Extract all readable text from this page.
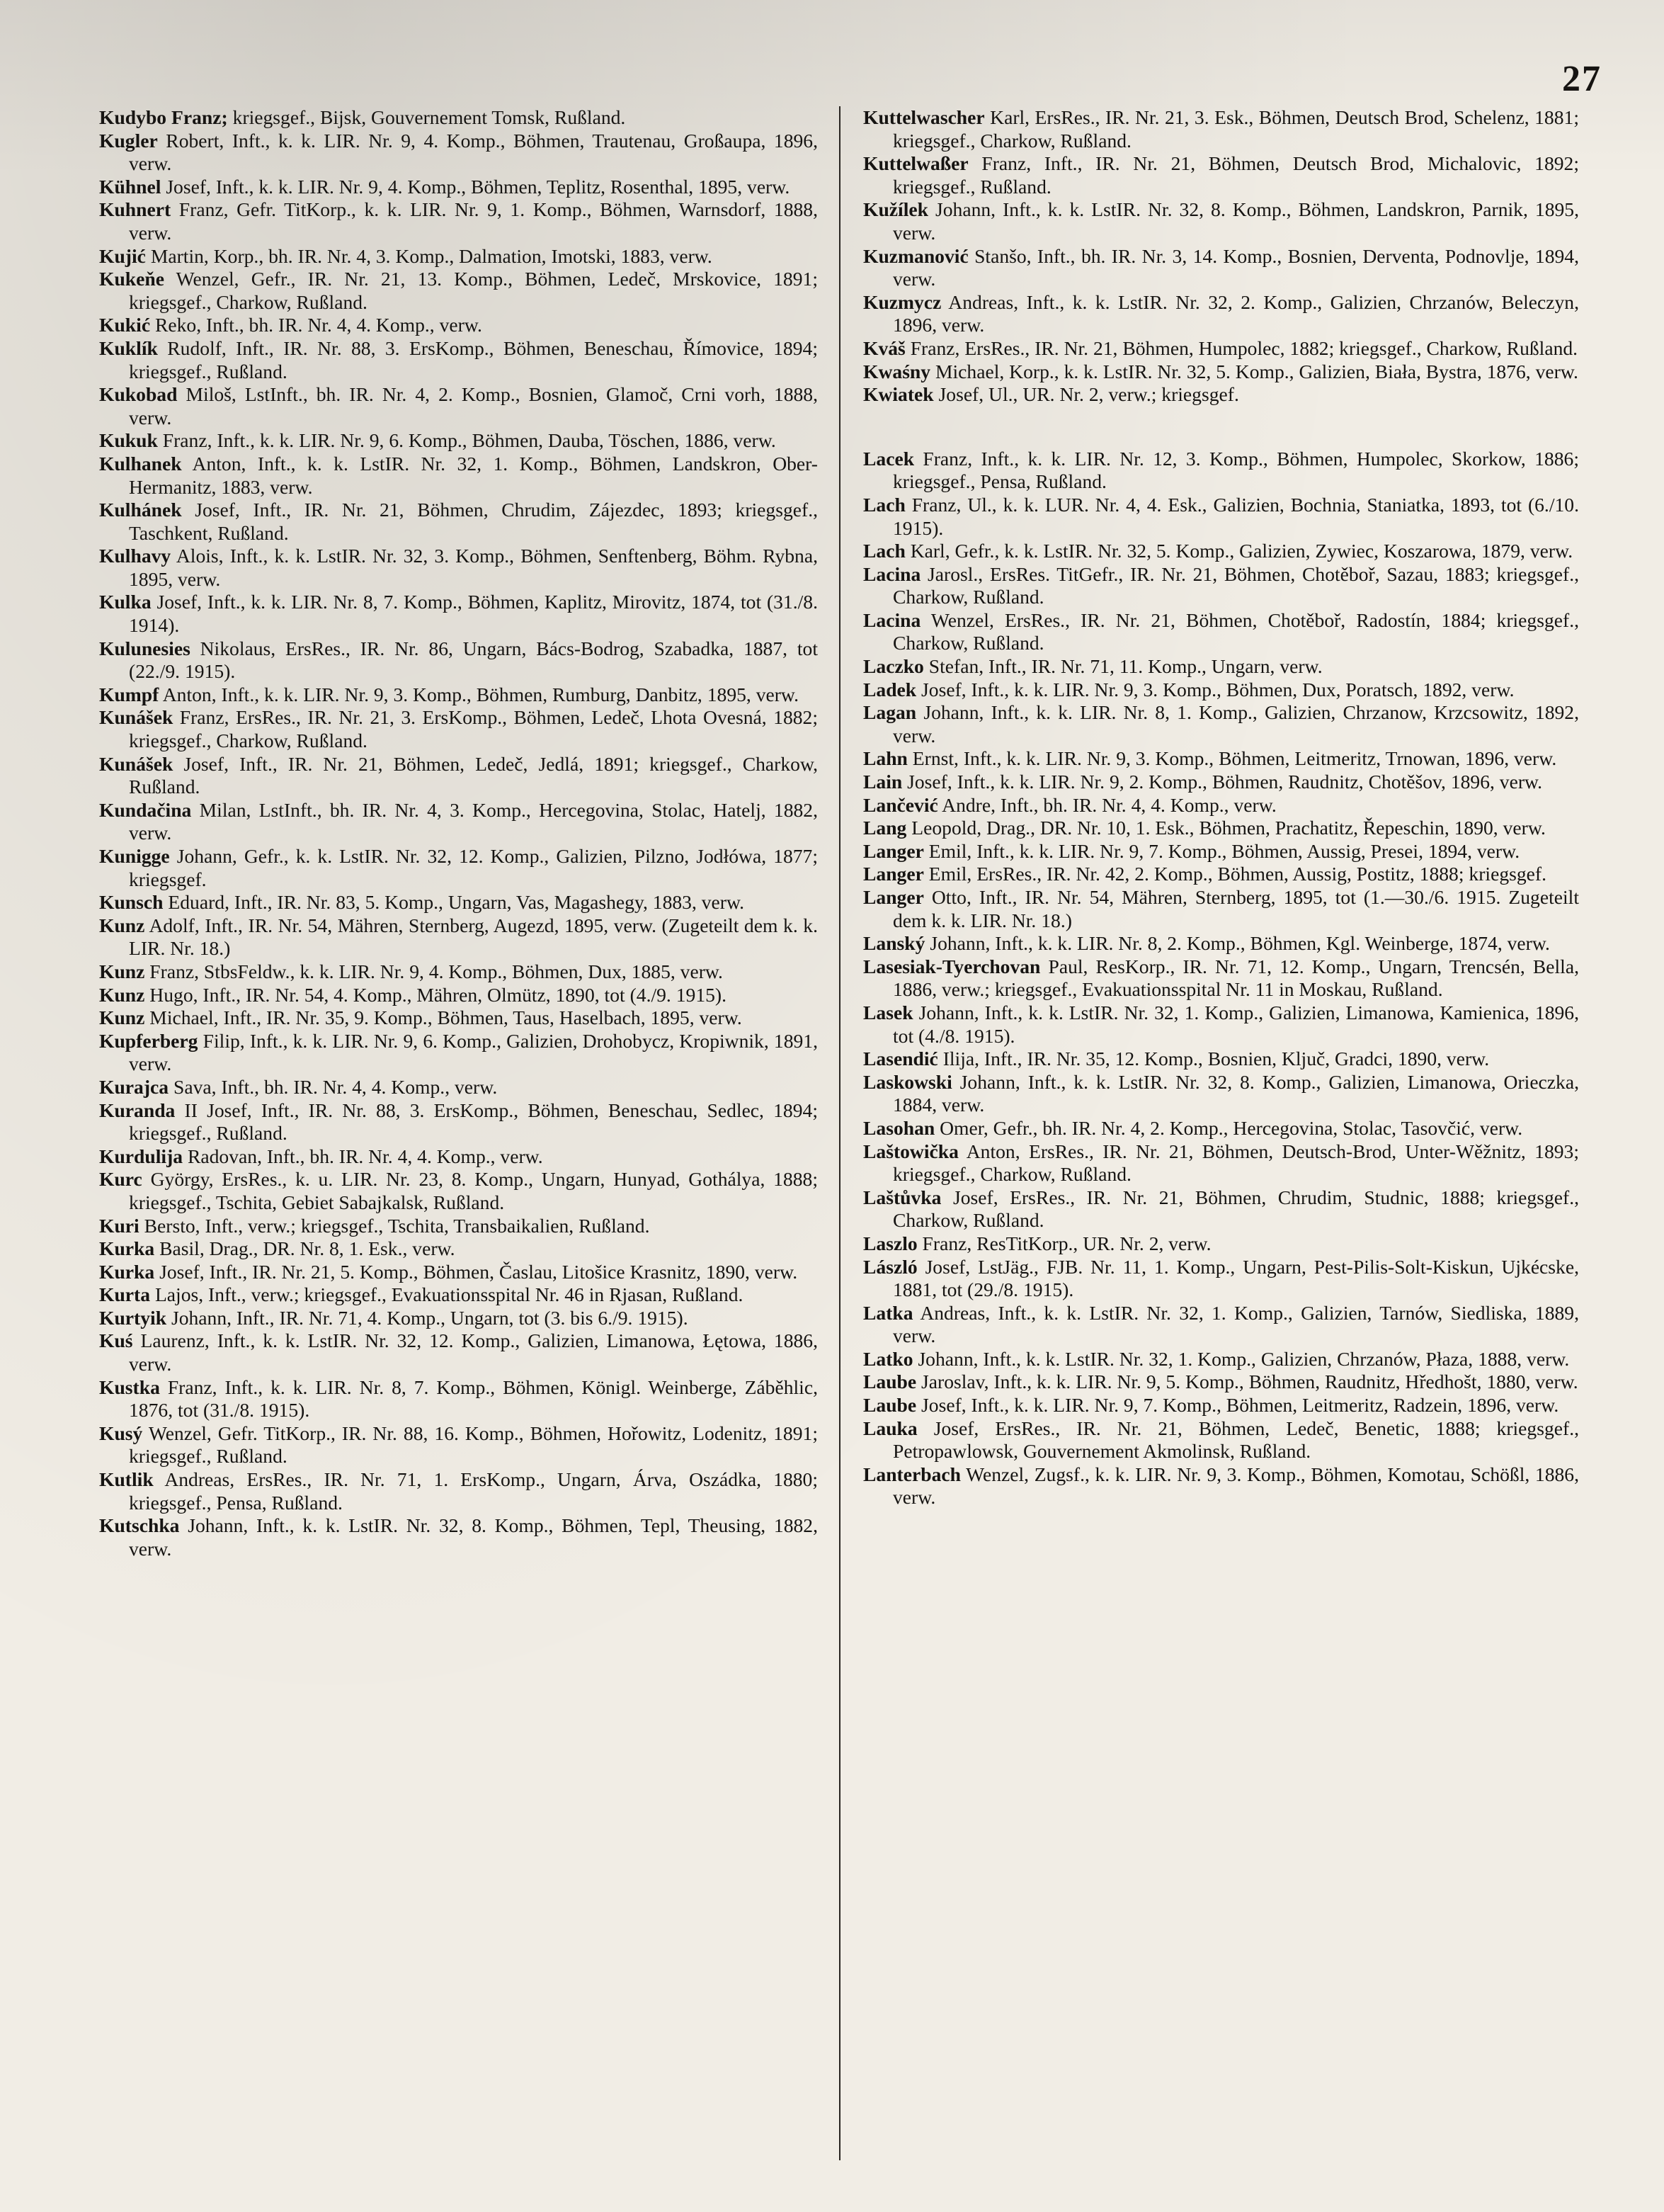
27

Kudybo Franz; kriegsgef., Bijsk, Gouvernement Tomsk, Rußland.

Kugler Robert, Inft., k. k. LIR. Nr. 9, 4. Komp., Böhmen, Trautenau, Großaupa, 1896, verw.

Kühnel Josef, Inft., k. k. LIR. Nr. 9, 4. Komp., Böhmen, Teplitz, Rosenthal, 1895, verw.

Kuhnert Franz, Gefr. TitKorp., k. k. LIR. Nr. 9, 1. Komp., Böhmen, Warnsdorf, 1888, verw.

Kujić Martin, Korp., bh. IR. Nr. 4, 3. Komp., Dalmation, Imotski, 1883, verw.

Kukeňe Wenzel, Gefr., IR. Nr. 21, 13. Komp., Böhmen, Ledeč, Mrskovice, 1891; kriegsgef., Charkow, Rußland.

Kukić Reko, Inft., bh. IR. Nr. 4, 4. Komp., verw.

Kuklík Rudolf, Inft., IR. Nr. 88, 3. ErsKomp., Böhmen, Beneschau, Římovice, 1894; kriegsgef., Rußland.

Kukobad Miloš, LstInft., bh. IR. Nr. 4, 2. Komp., Bosnien, Glamoč, Crni vorh, 1888, verw.

Kukuk Franz, Inft., k. k. LIR. Nr. 9, 6. Komp., Böhmen, Dauba, Töschen, 1886, verw.

Kulhanek Anton, Inft., k. k. LstIR. Nr. 32, 1. Komp., Böhmen, Landskron, Ober-Hermanitz, 1883, verw.

Kulhánek Josef, Inft., IR. Nr. 21, Böhmen, Chrudim, Zájezdec, 1893; kriegsgef., Taschkent, Rußland.

Kulhavy Alois, Inft., k. k. LstIR. Nr. 32, 3. Komp., Böhmen, Senftenberg, Böhm. Rybna, 1895, verw.

Kulka Josef, Inft., k. k. LIR. Nr. 8, 7. Komp., Böhmen, Kaplitz, Mirovitz, 1874, tot (31./8. 1914).

Kulunesies Nikolaus, ErsRes., IR. Nr. 86, Ungarn, Bács-Bodrog, Szabadka, 1887, tot (22./9. 1915).

Kumpf Anton, Inft., k. k. LIR. Nr. 9, 3. Komp., Böhmen, Rumburg, Danbitz, 1895, verw.

Kunášek Franz, ErsRes., IR. Nr. 21, 3. ErsKomp., Böhmen, Ledeč, Lhota Ovesná, 1882; kriegsgef., Charkow, Rußland.

Kunášek Josef, Inft., IR. Nr. 21, Böhmen, Ledeč, Jedlá, 1891; kriegsgef., Charkow, Rußland.

Kundačina Milan, LstInft., bh. IR. Nr. 4, 3. Komp., Hercegovina, Stolac, Hatelj, 1882, verw.

Kunigge Johann, Gefr., k. k. LstIR. Nr. 32, 12. Komp., Galizien, Pilzno, Jodłówa, 1877; kriegsgef.

Kunsch Eduard, Inft., IR. Nr. 83, 5. Komp., Ungarn, Vas, Magashegy, 1883, verw.

Kunz Adolf, Inft., IR. Nr. 54, Mähren, Sternberg, Augezd, 1895, verw. (Zugeteilt dem k. k. LIR. Nr. 18.)

Kunz Franz, StbsFeldw., k. k. LIR. Nr. 9, 4. Komp., Böhmen, Dux, 1885, verw.

Kunz Hugo, Inft., IR. Nr. 54, 4. Komp., Mähren, Olmütz, 1890, tot (4./9. 1915).

Kunz Michael, Inft., IR. Nr. 35, 9. Komp., Böhmen, Taus, Haselbach, 1895, verw.

Kupferberg Filip, Inft., k. k. LIR. Nr. 9, 6. Komp., Galizien, Drohobycz, Kropiwnik, 1891, verw.

Kurajca Sava, Inft., bh. IR. Nr. 4, 4. Komp., verw.

Kuranda II Josef, Inft., IR. Nr. 88, 3. ErsKomp., Böhmen, Beneschau, Sedlec, 1894; kriegsgef., Rußland.

Kurdulija Radovan, Inft., bh. IR. Nr. 4, 4. Komp., verw.

Kurc György, ErsRes., k. u. LIR. Nr. 23, 8. Komp., Ungarn, Hunyad, Gothálya, 1888; kriegsgef., Tschita, Gebiet Sabajkalsk, Rußland.

Kuri Bersto, Inft., verw.; kriegsgef., Tschita, Transbaikalien, Rußland.

Kurka Basil, Drag., DR. Nr. 8, 1. Esk., verw.

Kurka Josef, Inft., IR. Nr. 21, 5. Komp., Böhmen, Časlau, Litošice Krasnitz, 1890, verw.

Kurta Lajos, Inft., verw.; kriegsgef., Evakuationsspital Nr. 46 in Rjasan, Rußland.

Kurtyik Johann, Inft., IR. Nr. 71, 4. Komp., Ungarn, tot (3. bis 6./9. 1915).

Kuś Laurenz, Inft., k. k. LstIR. Nr. 32, 12. Komp., Galizien, Limanowa, Łętowa, 1886, verw.

Kustka Franz, Inft., k. k. LIR. Nr. 8, 7. Komp., Böhmen, Königl. Weinberge, Záběhlic, 1876, tot (31./8. 1915).

Kusý Wenzel, Gefr. TitKorp., IR. Nr. 88, 16. Komp., Böhmen, Hořowitz, Lodenitz, 1891; kriegsgef., Rußland.

Kutlik Andreas, ErsRes., IR. Nr. 71, 1. ErsKomp., Ungarn, Árva, Oszádka, 1880; kriegsgef., Pensa, Rußland.

Kutschka Johann, Inft., k. k. LstIR. Nr. 32, 8. Komp., Böhmen, Tepl, Theusing, 1882, verw.

Kuttelwascher Karl, ErsRes., IR. Nr. 21, 3. Esk., Böhmen, Deutsch Brod, Schelenz, 1881; kriegsgef., Charkow, Rußland.

Kuttelwaßer Franz, Inft., IR. Nr. 21, Böhmen, Deutsch Brod, Michalovic, 1892; kriegsgef., Rußland.

Kužílek Johann, Inft., k. k. LstIR. Nr. 32, 8. Komp., Böhmen, Landskron, Parnik, 1895, verw.

Kuzmanović Stanšo, Inft., bh. IR. Nr. 3, 14. Komp., Bosnien, Derventa, Podnovlje, 1894, verw.

Kuzmycz Andreas, Inft., k. k. LstIR. Nr. 32, 2. Komp., Galizien, Chrzanów, Beleczyn, 1896, verw.

Kváš Franz, ErsRes., IR. Nr. 21, Böhmen, Humpolec, 1882; kriegsgef., Charkow, Rußland.

Kwaśny Michael, Korp., k. k. LstIR. Nr. 32, 5. Komp., Galizien, Biała, Bystra, 1876, verw.

Kwiatek Josef, Ul., UR. Nr. 2, verw.; kriegsgef.

Lacek Franz, Inft., k. k. LIR. Nr. 12, 3. Komp., Böhmen, Humpolec, Skorkow, 1886; kriegsgef., Pensa, Rußland.

Lach Franz, Ul., k. k. LUR. Nr. 4, 4. Esk., Galizien, Bochnia, Staniatka, 1893, tot (6./10. 1915).

Lach Karl, Gefr., k. k. LstIR. Nr. 32, 5. Komp., Galizien, Zywiec, Koszarowa, 1879, verw.

Lacina Jarosl., ErsRes. TitGefr., IR. Nr. 21, Böhmen, Chotěboř, Sazau, 1883; kriegsgef., Charkow, Rußland.

Lacina Wenzel, ErsRes., IR. Nr. 21, Böhmen, Chotěboř, Radostín, 1884; kriegsgef., Charkow, Rußland.

Laczko Stefan, Inft., IR. Nr. 71, 11. Komp., Ungarn, verw.

Ladek Josef, Inft., k. k. LIR. Nr. 9, 3. Komp., Böhmen, Dux, Poratsch, 1892, verw.

Lagan Johann, Inft., k. k. LIR. Nr. 8, 1. Komp., Galizien, Chrzanow, Krzcsowitz, 1892, verw.

Lahn Ernst, Inft., k. k. LIR. Nr. 9, 3. Komp., Böhmen, Leitmeritz, Trnowan, 1896, verw.

Lain Josef, Inft., k. k. LIR. Nr. 9, 2. Komp., Böhmen, Raudnitz, Chotěšov, 1896, verw.

Lančević Andre, Inft., bh. IR. Nr. 4, 4. Komp., verw.

Lang Leopold, Drag., DR. Nr. 10, 1. Esk., Böhmen, Prachatitz, Řepeschin, 1890, verw.

Langer Emil, Inft., k. k. LIR. Nr. 9, 7. Komp., Böhmen, Aussig, Presei, 1894, verw.

Langer Emil, ErsRes., IR. Nr. 42, 2. Komp., Böhmen, Aussig, Postitz, 1888; kriegsgef.

Langer Otto, Inft., IR. Nr. 54, Mähren, Sternberg, 1895, tot (1.—30./6. 1915. Zugeteilt dem k. k. LIR. Nr. 18.)

Lanský Johann, Inft., k. k. LIR. Nr. 8, 2. Komp., Böhmen, Kgl. Weinberge, 1874, verw.

Lasesiak-Tyerchovan Paul, ResKorp., IR. Nr. 71, 12. Komp., Ungarn, Trencsén, Bella, 1886, verw.; kriegsgef., Evakuationsspital Nr. 11 in Moskau, Rußland.

Lasek Johann, Inft., k. k. LstIR. Nr. 32, 1. Komp., Galizien, Limanowa, Kamienica, 1896, tot (4./8. 1915).

Lasendić Ilija, Inft., IR. Nr. 35, 12. Komp., Bosnien, Ključ, Gradci, 1890, verw.

Laskowski Johann, Inft., k. k. LstIR. Nr. 32, 8. Komp., Galizien, Limanowa, Orieczka, 1884, verw.

Lasohan Omer, Gefr., bh. IR. Nr. 4, 2. Komp., Hercegovina, Stolac, Tasovčić, verw.

Laštowička Anton, ErsRes., IR. Nr. 21, Böhmen, Deutsch-Brod, Unter-Wěžnitz, 1893; kriegsgef., Charkow, Rußland.

Laštůvka Josef, ErsRes., IR. Nr. 21, Böhmen, Chrudim, Studnic, 1888; kriegsgef., Charkow, Rußland.

Laszlo Franz, ResTitKorp., UR. Nr. 2, verw.

László Josef, LstJäg., FJB. Nr. 11, 1. Komp., Ungarn, Pest-Pilis-Solt-Kiskun, Ujkécske, 1881, tot (29./8. 1915).

Latka Andreas, Inft., k. k. LstIR. Nr. 32, 1. Komp., Galizien, Tarnów, Siedliska, 1889, verw.

Latko Johann, Inft., k. k. LstIR. Nr. 32, 1. Komp., Galizien, Chrzanów, Płaza, 1888, verw.

Laube Jaroslav, Inft., k. k. LIR. Nr. 9, 5. Komp., Böhmen, Raudnitz, Hředhošt, 1880, verw.

Laube Josef, Inft., k. k. LIR. Nr. 9, 7. Komp., Böhmen, Leitmeritz, Radzein, 1896, verw.

Lauka Josef, ErsRes., IR. Nr. 21, Böhmen, Ledeč, Benetic, 1888; kriegsgef., Petropawlowsk, Gouvernement Akmolinsk, Rußland.

Lanterbach Wenzel, Zugsf., k. k. LIR. Nr. 9, 3. Komp., Böhmen, Komotau, Schößl, 1886, verw.
